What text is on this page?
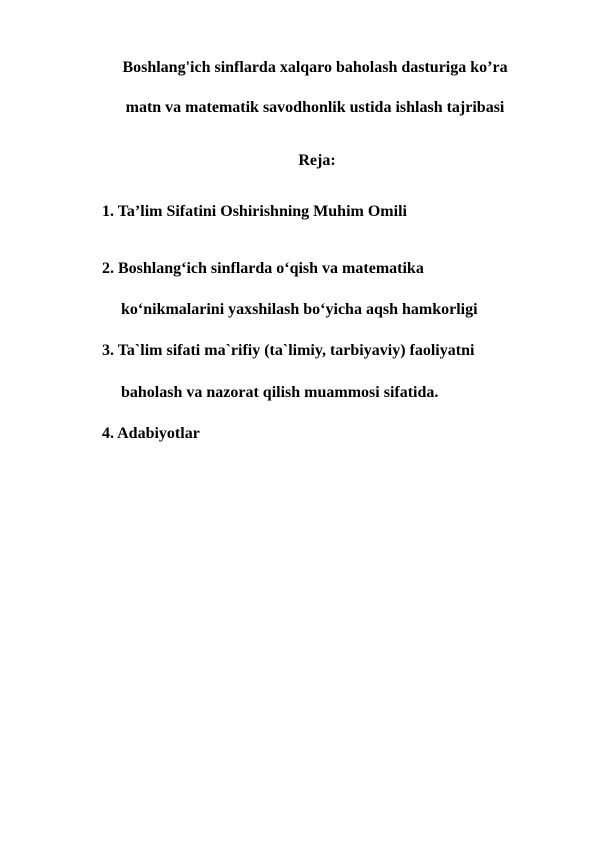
Boshlang'ich sinflarda xalqaro baholash dasturiga ko’ra
matn va matematik savodhonlik ustida ishlash tajribasi
Reja:
1. Ta’lim Sifatini Oshirishning Muhim Omili
2. Boshlang‘ich sinflarda o‘qish va matematika
ko‘nikmalarini yaxshilash bo‘yicha aqsh hamkorligi
3. Ta`lim sifati ma`rifiy (ta`limiy, tarbiyaviy) faoliyatni
baholash va nazorat qilish muammosi sifatida.
4. Adabiyotlar
